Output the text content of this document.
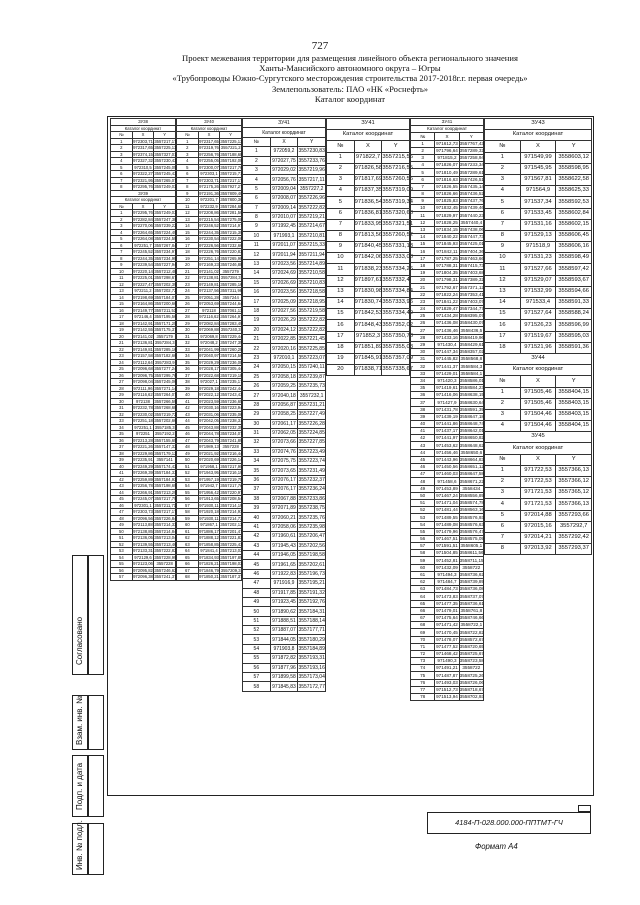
727
Проект межевания территории для размещения линейного объекта регионального значения
Ханты-Мансийского автономного округа – Югры
«Трубопроводы Южно-Сургутского месторождения строительства 2017-2018г.г. первая очередь»
Землепользователь: ПАО «НК «Роснефть»
Каталог координат
ЗУ38		
Каталог координат		
№	X	Y
1	972303,71	3557217,17
2	972317,65	3557225,13
3	972374,15	3557327,01
4	972327,32	3557230,43
5	972310,5	3557245,05
6	972322,27	3557245,43
7	972321,95	3557265,07
8	972295,76	3557249,03
ЗУ39		
Каталог координат		
№	X	Y
1	972295,76	3557249,03
2	972282,84	3557247,38
3	972270,06	3557239,22
4	972264,65	3557224,49
5	972264,08	3557224,59
6	972251,7	3557267,84
7	972245,52	3557234,97
8	972244,35	3557234,99
9	972239,54	3557227,94
10	972220,14	3557212,48
11	972225,01	3557298,67
12	972227,47	3557202,39
13	972211,2	3557202,72
14	972198,69	3557184,07
15	972164,86	3557200,66
16	972149,77	3557211,53
17	972146,4	3557195,56
18	972142,91	3557171,25
19	972142,55	3557175,37
20	972141,02	3557179
21	972136,81	3557284,3
22	972149,81	3557285,16
23	972157,58	3557182,66
24	972112,64	3557283,9
25	972096,68	3557277,24
26	972096,75	3557295,76
27	972098,04	3557245,06
28	972111,96	3557271,14
29	972116,62	3557264,07
30	972138	3557266,59
31	972232,78	3557268,68
32	972230,02	3557219,72
33	972251,18	3557202,66
34	972251,1	3557185,3
35	972251	3557192,2
36	972213,28	3557155,65
37	972221,26	3557147,32
38	972229,86	3557179,12
39	972235,91	3557141
40	972249,29	3557174,43
41	972269,39	3557184,33
42	972259,89	3557184,93
43	972256,78	3557198,69
44	972266,91	3557213,29
45	972245,07	3557217,79
46	972301,1	3557211,71
47	972303,73	3557217,17
48	972096,56	3557226,84
49	972113,88	3557214,33
50	972138,85	3557214,84
51	972136,05	3557213,04
52	972139,55	3557213,46
53	972133,31	3557222,82
54	972129,6	3557228,99
55	972123,06	3557228
56	972095,82	3557246,62
57	972096,38	3557241,37
ЗУ40		
Каталог координат		
№	X	Y
1	972317,65	3557225,13
2	972319,76	3557221,2
3	972256,76	3557188,68
4	972255,05	3557192,08
5	972300,07	3557217,76
6	972303,1	3557215,71
7	972303,71	3557217,17
8	972175,26	3557927,27
9	972191,36	3557809,46
10	972201,7	3557800,36
11	972232,9	3557284,68
12	972208,86	3557281,56
13	972215,54	3557275,08
14	972246,52	3557214,97
15	972244,35	3557215,39
16	972230,54	3557222,06
17	972226,56	3557232,66
18	972226,76	3557220,83
19	972251,14	3557265,98
20	972169,23	3557246,88
21	972141,02	3557279
22	972138,81	3557284,3
23	972149,81	3557285,16
24	972137,56	3557311,96
25	972051,28	3557244
26	972053,69	3557244,64
27	972118	3557061,13
28	972116,62	3557264,97
29	972082,84	3557283,49
30	972069,88	3557240,3
31	972069,8	3557229,44
32	972048,2	3557247,35
33	972041,99	3557260,28
34	972040,97	3557214,56
35	972029,29	3557236,08
36	972028,17	3557305,44
37	972022,68	3557219,18
38	972027,1	3557235,17
39	972029,18	3557242,44
40	972022,12	3557243,43
41	972023,59	3557236,65
42	972030,16	3557223,94
43	972031,06	3557235,06
44	972042,05	3557238,31
45	972043,88	3557232,39
46	972044,78	3557234,07
47	972043,79	3557241,89
48	971989,13	3557228
49	972021,92	3557216,44
50	972020,69	3557226,14
51	971958,1	3557217,99
52	971943,95	3557216,19
53	971957,19	3557219,75
54	971942,7	3557217,76
55	971956,42	3557220,97
56	971913,65	3557208,54
57	971930,11	3557214,19
58	971920,18	3557214,93
59	971930,11	3557214,73
60	971867,1	3557202,13
61	971886,17	3557201,47
62	971888,12	3557221,83
63	971858,85	3557225,43
64	971841,4	3557213,02
65	971834,93	3557197,89
66	971826,21	3557198,03
67	971846,79	3557209,3
68	971850,21	3557187,37
ЗУ41		
Каталог координат		
№	X	Y
1	972059,2	3557230,83
2	972027,75	3557233,76
3	972029,02	3557219,96
4	972056,76	3557217,11
5	972009,04	3557227,2
6	972008,07	3557226,96
7	972009,14	3557222,82
8	972010,07	3557219,21
9	971992,45	3557214,67
10	971993,1	3557210,81
11	972011,07	3557215,33
12	972011,94	3557211,94
13	972023,56	3557214,89
14	972024,69	3557210,58
15	972026,69	3557210,83
16	972023,56	3557218,58
17	972025,09	3557218,95
18	972027,56	3557219,58
19	972026,29	3557222,82
20	972024,12	3557222,82
21	972022,85	3557221,45
22	972020,16	3557225,85
23	972010,1	3557223,07
24	972050,15	3557240,11
25	972058,18	3557239,87
26	972059,25	3557235,73
27	972040,18	3557232,1
28	972056,87	3557231,21
29	972058,25	3557227,49
30	972061,17	3557226,28
31	972062,05	3557224,85
32	972073,66	3557227,85
33	972074,76	3557223,49
34	972075,75	3557223,74
35	972073,65	3557231,49
36	972076,17	3557232,37
37	972076,17	3557236,24
38	972067,88	3557233,86
39	972071,89	3557238,75
40	972060,21	3557235,76
41	972058,06	3557235,98
42	971960,61	3557206,47
43	971945,43	3557202,56
44	971946,05	3557198,58
45	971961,65	3557202,61
46	971922,83	3557196,73
47	971916,9	3557195,21
48	971917,85	3557191,32
49	971923,45	3557192,76
50	971890,62	3557184,31
51	971888,51	3557188,14
52	971887,07	3557177,71
53	971844,05	3557180,29
54	971903,8	3557184,89
55	971872,82	3557193,31
56	971877,96	3557193,16
57	971899,58	3557173,04
58	971845,83	3557172,77
ЗУ41		
Каталог координат		
№	X	Y
1	971822,7	3557215,56
2	971826,58	3557216,55
3	971817,69	3557260,56
4	971837,35	3557319,09
5	971836,54	3557319,34
6	971836,81	3557320,68
7	971833,95	3557321,51
8	971813,56	3557260,52
9	971840,45	3557331,13
10	971842,06	3557333,08
11	971838,23	3557334,26
12	971897,61	3557332,4
13	971830,98	3557334,84
14	971830,74	3557333,96
15	971842,53	3557334,49
16	971848,43	3557352,02
17	971852,3	3557350,73
18	971851,89	3557355,08
19	971845,91	3557357,09
20	971838,71	3557335,67
ЗУ41		
Каталог координат		
№	X	Y
1	971612,73	3557767,43
2	971796,64	3557289,32
3	971815,2	3557258,94
4	971826,07	3557233,34
5	971810,49	3557289,61
6	971816,63	3557426,51
7	971826,55	3557435,14
8	971826,66	3557436,52
9	971825,83	3557437,76
10	971832,45	3557439,46
11	971829,97	3557440,23
12	971828,25	3557440,4
13	971834,15	3557438,06
14	971840,22	3557447,73
15	971845,93	3557425,01
16	971842,11	3557404,36
17	971787,25	3557463,66
18	971788,31	3557415,73
19	971804,35	3557403,68
20	971798,31	3557389,32
21	971792,67	3557371,12
22	971822,24	3557353,41
23	971841,22	3557403,07
24	971829,47	3557344,77
25	971434,28	3558395,07
26	971436,08	3558430,07
27	971436,46	3558436,5
28	971433,16	3558419,96
29	971430,4	3558429,61
30	971447,34	3558357,02
31	971445,82	3558568,8
32	971441,37	3558584,3
33	971429,01	3558584,1
34	971420,3	3558586,01
35	971419,61	3558584,23
36	971416,06	3558638,15
37	971427,9	3558630,64
38	971431,78	3558591,39
39	971439,19	3558647,18
40	971441,86	3558648,74
41	971437,17	3558642,01
42	971441,97	3558650,82
43	971453,62	3558648,62
44	971456,46	3558650,6
45	971443,96	3558664,83
46	971450,56	3558651,12
47	971460,03	3558647,58
48	971458,6	3558671,22
49	971453,89	3558434
50	971467,24	3558556,89
51	971471,04	3558574,78
52	971481,44	3558563,16
53	971489,55	3558576,93
54	971489,08	3558576,63
55	971479,96	3558576,47
56	971467,51	3558575,09
57	971591,51	3558605,1
58	971504,85	3558611,56
59	971452,81	3558711,15
60	971432,09	3558722
61	971494,3	3558736,62
62	971484,7	3558739,89
63	971484,73	3558736,08
64	971473,83	3558737,07
65	971477,35	3558736,61
66	971479,01	3558761,8
67	971475,64	3558746,66
68	971471,42	3558722,1
69	971470,45	3558722,82
70	971478,07	3558572,67
71	971477,52	3558720,65
72	971468,42	3558725,67
73	971490,3	3558723,58
74	971491,21	3558722
75	971487,87	3558725,26
76	971493,03	3558726,06
77	971512,73	3558718,67
78	971513,94	3558702,93
ЗУ43		
Каталог координат		
№	X	Y
1	971549,99	3558603,12
2	971545,95	3558598,95
3	971567,81	3558622,58
4	971564,9	3558625,33
5	971537,34	3558592,53
6	971533,45	3558602,84
7	971531,16	3558602,15
8	971529,13	3558606,45
9	971518,9	3558606,16
10	971531,23	3558598,49
11	971527,66	3558597,42
12	971529,07	3558593,67
13	971532,99	3558594,66
14	971533,4	3558591,33
15	971527,64	3558588,24
16	971526,23	3558596,99
17	971519,67	3558595,03
18	971521,96	3558591,36
ЗУ44		
Каталог координат		
№	X	Y
1	971505,46	3558404,15
2	971505,46	3558403,15
3	971504,46	3558403,15
4	971504,46	3558404,15
ЗУ45		
Каталог координат		
№	X	Y
1	971722,53	3557366,13
2	971722,53	3557366,12
3	971721,53	3557365,12
4	971721,53	3557366,13
5	972014,88	3557293,66
6	972015,16	3557292,7
7	972014,21	3557292,42
8	972013,92	3557293,37
Согласовано
Взам. инв. №
Подп. и дата
Инв. № подл.	4184-П-028.000.000-ППТМТ-ГЧ
Формат А4
